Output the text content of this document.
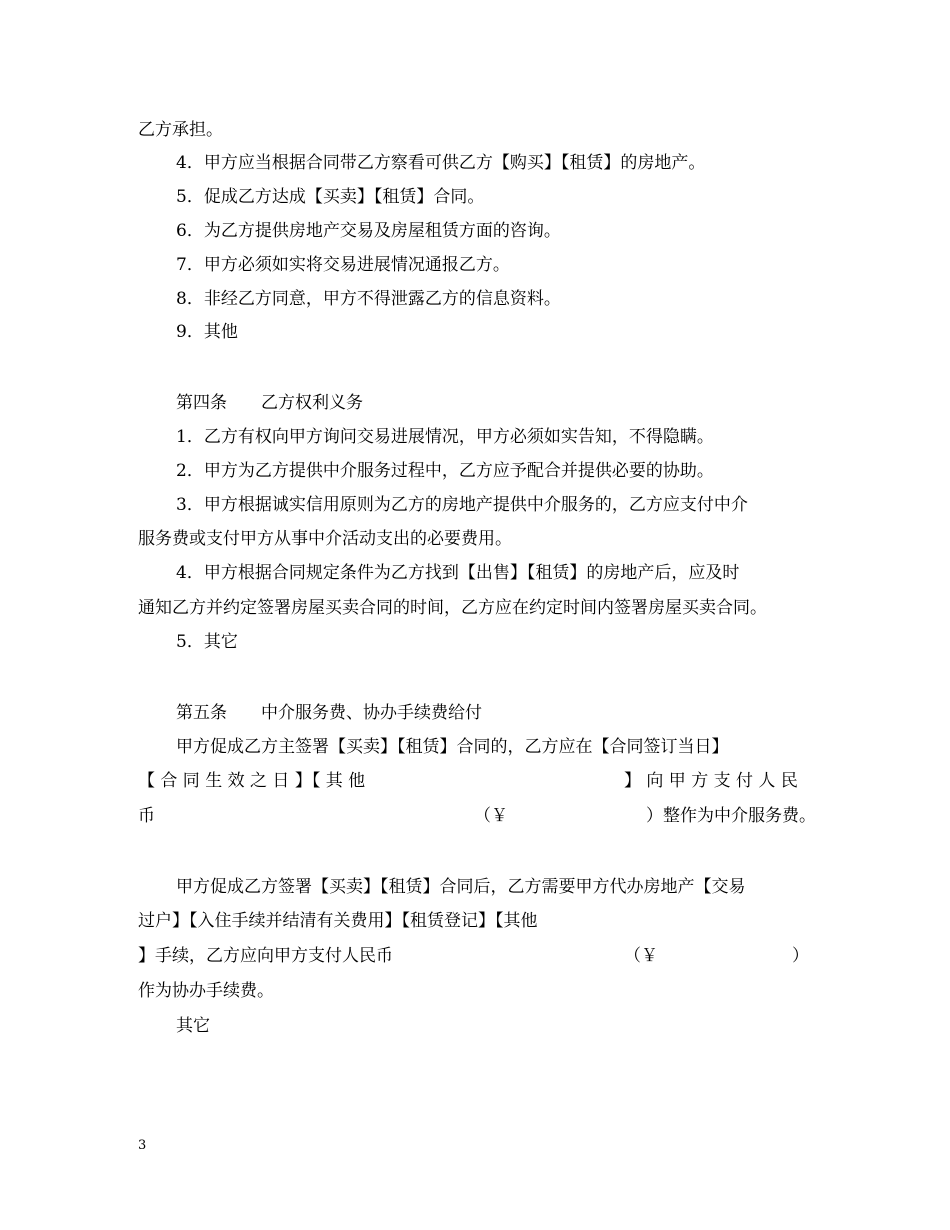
乙方承担。
4．甲方应当根据合同带乙方察看可供乙方【购买】【租赁】的房地产。
5．促成乙方达成【买卖】【租赁】合同。
6．为乙方提供房地产交易及房屋租赁方面的咨询。
7．甲方必须如实将交易进展情况通报乙方。
8．非经乙方同意，甲方不得泄露乙方的信息资料。
9．其他
第四条　　乙方权利义务
1．乙方有权向甲方询问交易进展情况，甲方必须如实告知，不得隐瞒。
2．甲方为乙方提供中介服务过程中，乙方应予配合并提供必要的协助。
3．甲方根据诚实信用原则为乙方的房地产提供中介服务的，乙方应支付中介
服务费或支付甲方从事中介活动支出的必要费用。
4．甲方根据合同规定条件为乙方找到【出售】【租赁】的房地产后，应及时
通知乙方并约定签署房屋买卖合同的时间，乙方应在约定时间内签署房屋买卖合同。
5．其它
第五条　　中介服务费、协办手续费给付
甲方促成乙方主签署【买卖】【租赁】合同的，乙方应在【合同签订当日】
【 合 同 生 效 之 日 】【 其 他	】 向 甲 方 支 付 人 民
币	（￥	）整作为中介服务费。
甲方促成乙方签署【买卖】【租赁】合同后，乙方需要甲方代办房地产【交易
过户】【入住手续并结清有关费用】【租赁登记】【其他
】手续，乙方应向甲方支付人民币	（￥	）
作为协办手续费。
其它
3
